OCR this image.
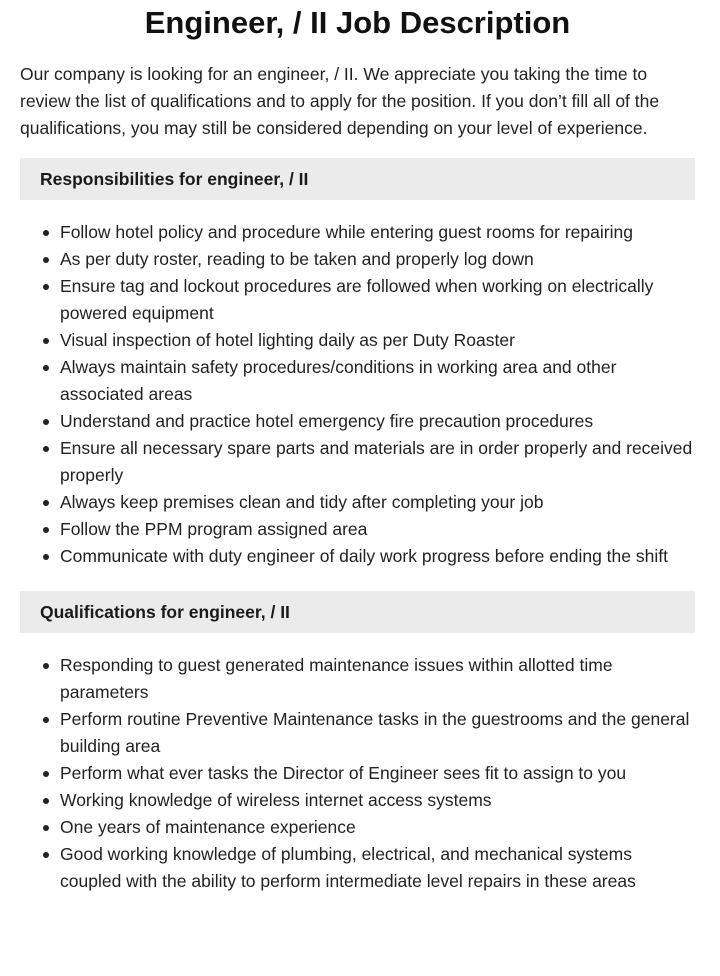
Engineer, / II Job Description

Our company is looking for an engineer, / II. We appreciate you taking the time to review the list of qualifications and to apply for the position. If you don’t fill all of the qualifications, you may still be considered depending on your level of experience.

Responsibilities for engineer, / II
Follow hotel policy and procedure while entering guest rooms for repairing
As per duty roster, reading to be taken and properly log down
Ensure tag and lockout procedures are followed when working on electrically powered equipment
Visual inspection of hotel lighting daily as per Duty Roaster
Always maintain safety procedures/conditions in working area and other associated areas
Understand and practice hotel emergency fire precaution procedures
Ensure all necessary spare parts and materials are in order properly and received properly
Always keep premises clean and tidy after completing your job
Follow the PPM program assigned area
Communicate with duty engineer of daily work progress before ending the shift
Qualifications for engineer, / II
Responding to guest generated maintenance issues within allotted time parameters
Perform routine Preventive Maintenance tasks in the guestrooms and the general building area
Perform what ever tasks the Director of Engineer sees fit to assign to you
Working knowledge of wireless internet access systems
One years of maintenance experience
Good working knowledge of plumbing, electrical, and mechanical systems coupled with the ability to perform intermediate level repairs in these areas
